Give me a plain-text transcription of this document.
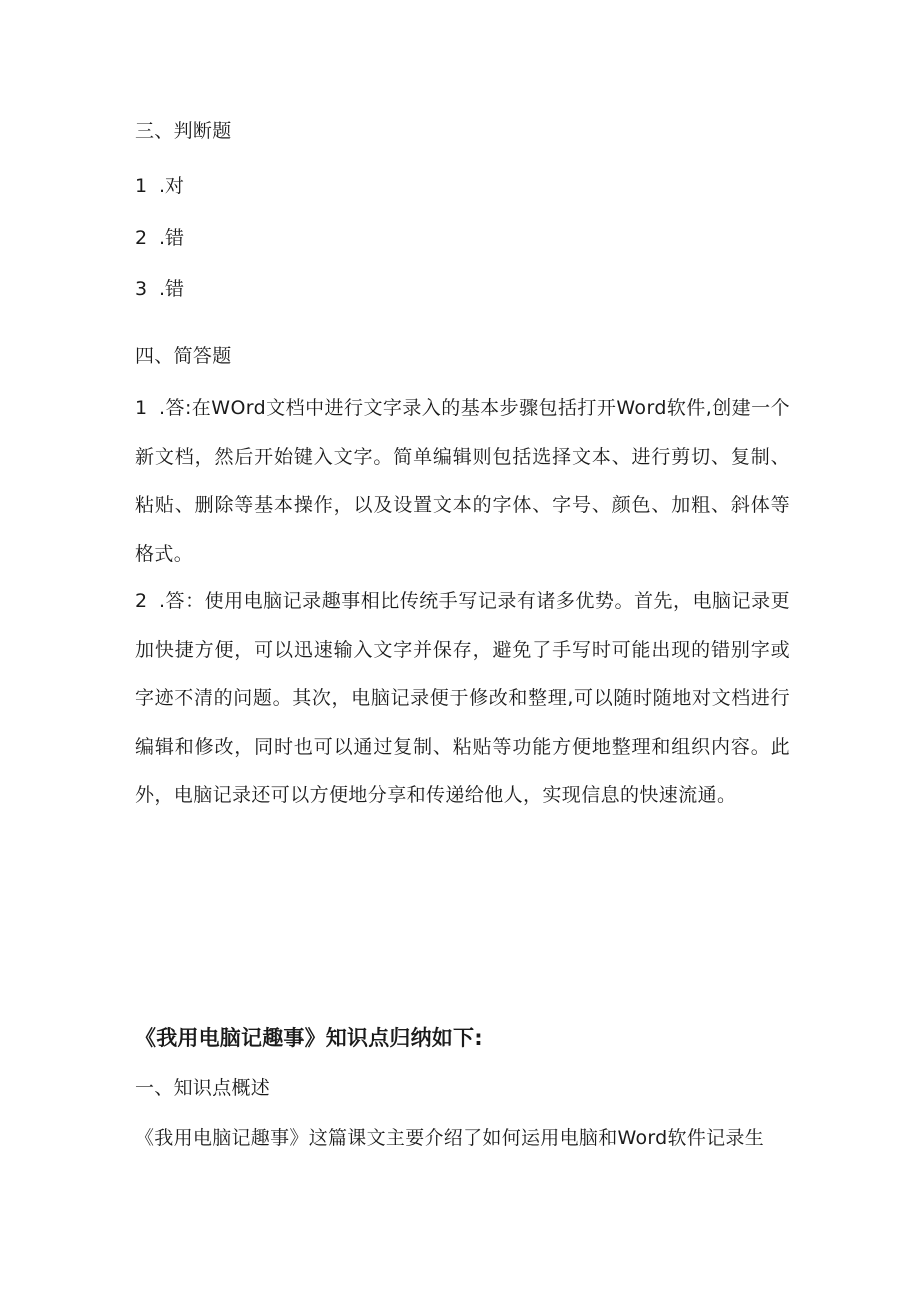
三、判断题
1 .对
2 .错
3 .错
四、简答题
1 .答:在WOrd文档中进行文字录入的基本步骤包括打开Word软件,创建一个新文档，然后开始键入文字。简单编辑则包括选择文本、进行剪切、复制、粘贴、删除等基本操作，以及设置文本的字体、字号、颜色、加粗、斜体等格式。
2 .答：使用电脑记录趣事相比传统手写记录有诸多优势。首先，电脑记录更加快捷方便，可以迅速输入文字并保存，避免了手写时可能出现的错别字或字迹不清的问题。其次，电脑记录便于修改和整理,可以随时随地对文档进行编辑和修改，同时也可以通过复制、粘贴等功能方便地整理和组织内容。此外，电脑记录还可以方便地分享和传递给他人，实现信息的快速流通。
《我用电脑记趣事》知识点归纳如下:
一、知识点概述
《我用电脑记趣事》这篇课文主要介绍了如何运用电脑和Word软件记录生
